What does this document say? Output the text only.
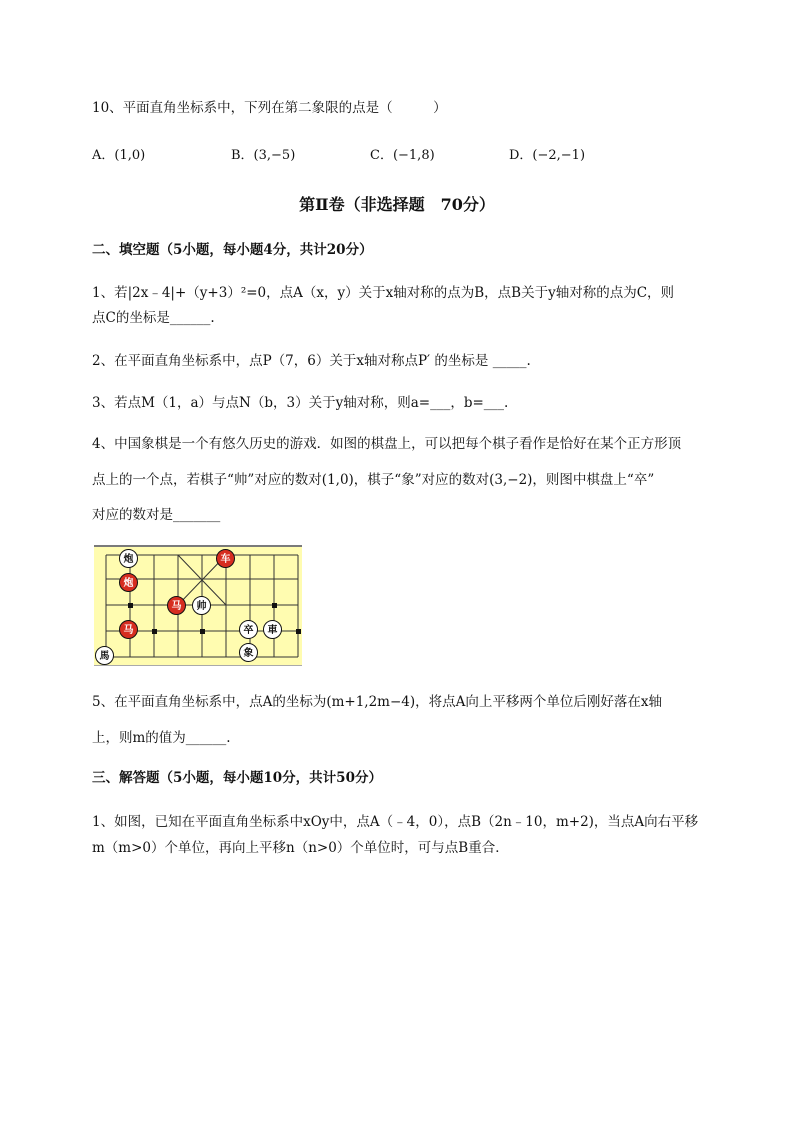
10、平面直角坐标系中，下列在第二象限的点是（　　　）
A．(1,0)	B．(3,−5)	C．(−1,8)	D．(−2,−1)
第Ⅱ卷（非选择题　70分）
二、填空题（5小题，每小题4分，共计20分）
1、若|2x﹣4|+（y+3）²=0，点A（x，y）关于x轴对称的点为B，点B关于y轴对称的点为C，则
点C的坐标是______.
2、在平面直角坐标系中，点P（7，6）关于x轴对称点P′ 的坐标是 _____.
3、若点M（1，a）与点N（b，3）关于y轴对称，则a=___，b=___.
4、中国象棋是一个有悠久历史的游戏．如图的棋盘上，可以把每个棋子看作是恰好在某个正方形顶
点上的一个点，若棋子“帅”对应的数对(1,0)，棋子“象”对应的数对(3,−2)，则图中棋盘上“卒”
对应的数对是_______
炮	车
炮
马	帅
马	卒	車
象
馬
5、在平面直角坐标系中，点A的坐标为(m+1,2m−4)，将点A向上平移两个单位后刚好落在x轴
上，则m的值为______.
三、解答题（5小题，每小题10分，共计50分）
1、如图，已知在平面直角坐标系中xOy中，点A（﹣4，0），点B（2n﹣10，m+2)，当点A向右平移
m（m>0）个单位，再向上平移n（n>0）个单位时，可与点B重合．
